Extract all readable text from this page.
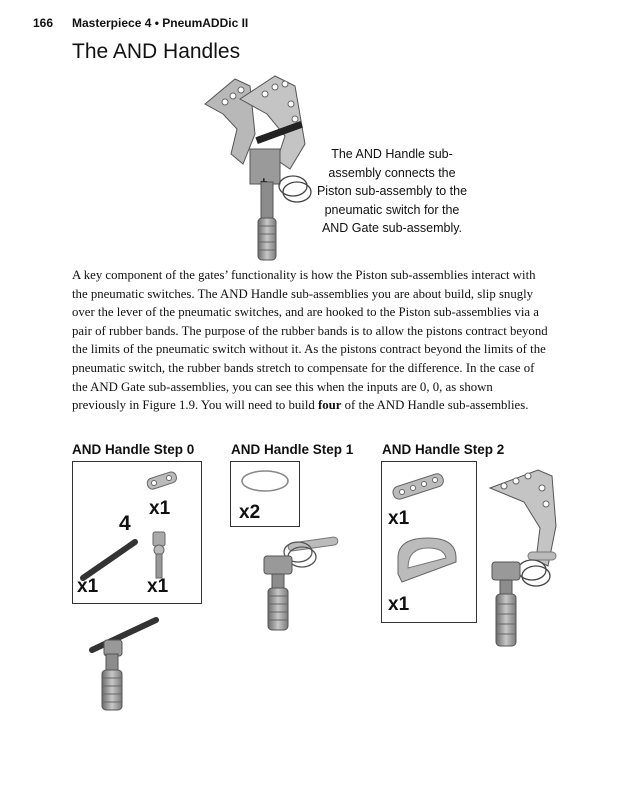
166 Masterpiece 4 • PneumADDic II
The AND Handles
The AND Handle sub-
assembly connects the
Piston sub-assembly to the
pneumatic switch for the
AND Gate sub-assembly.
A key component of the gates’ functionality is how the Piston sub-assemblies interact with the pneumatic switches. The AND Handle sub-assemblies you are about build, slip snugly over the lever of the pneumatic switches, and are hooked to the Piston sub-assemblies via a pair of rubber bands. The purpose of the rubber bands is to allow the pistons contract beyond the limits of the pneumatic switch without it. As the pistons contract beyond the limits of the pneumatic switch, the rubber bands stretch to compensate for the difference. In the case of the AND Gate sub-assemblies, you can see this when the inputs are 0, 0, as shown previously in Figure 1.9. You will need to build four of the AND Handle sub-assemblies.
AND Handle Step 0	AND Handle Step 1 AND Handle Step 2
x1
4
x1	x1
x2	x1
x1
